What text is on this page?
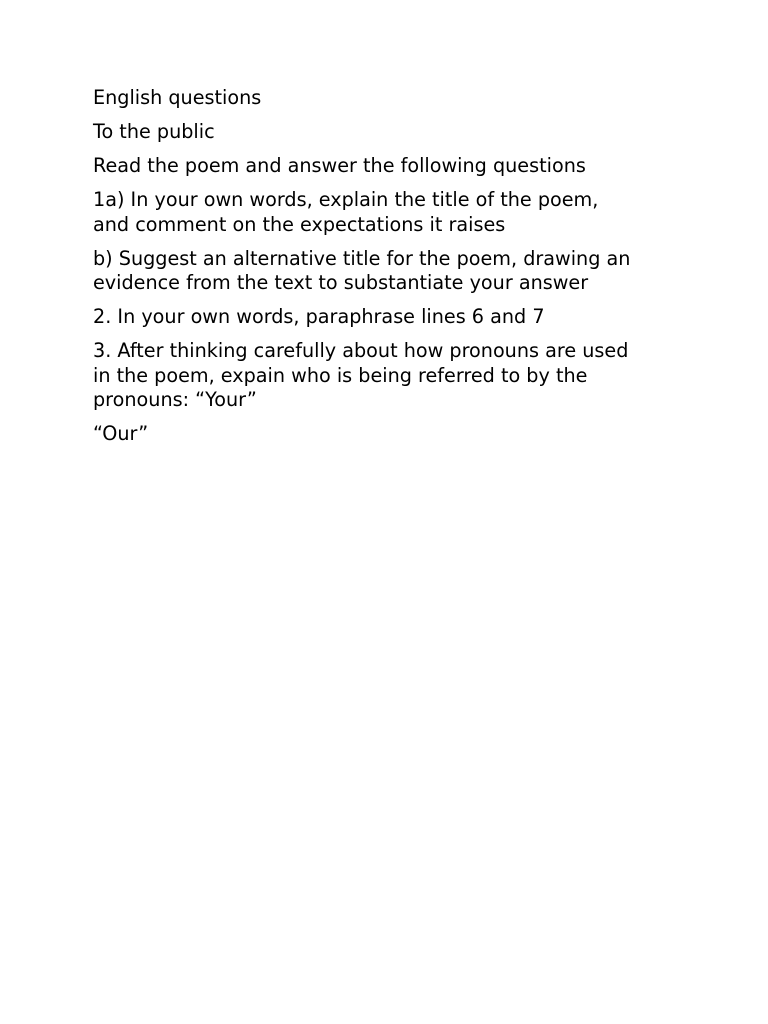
English questions

To the public

Read the poem and answer the following questions

1a) In your own words, explain the title of the poem,
and comment on the expectations it raises

b) Suggest an alternative title for the poem, drawing an
evidence from the text to substantiate your answer

2. In your own words, paraphrase lines 6 and 7

3. After thinking carefully about how pronouns are used
in the poem, expain who is being referred to by the
pronouns: “Your”

“Our”
